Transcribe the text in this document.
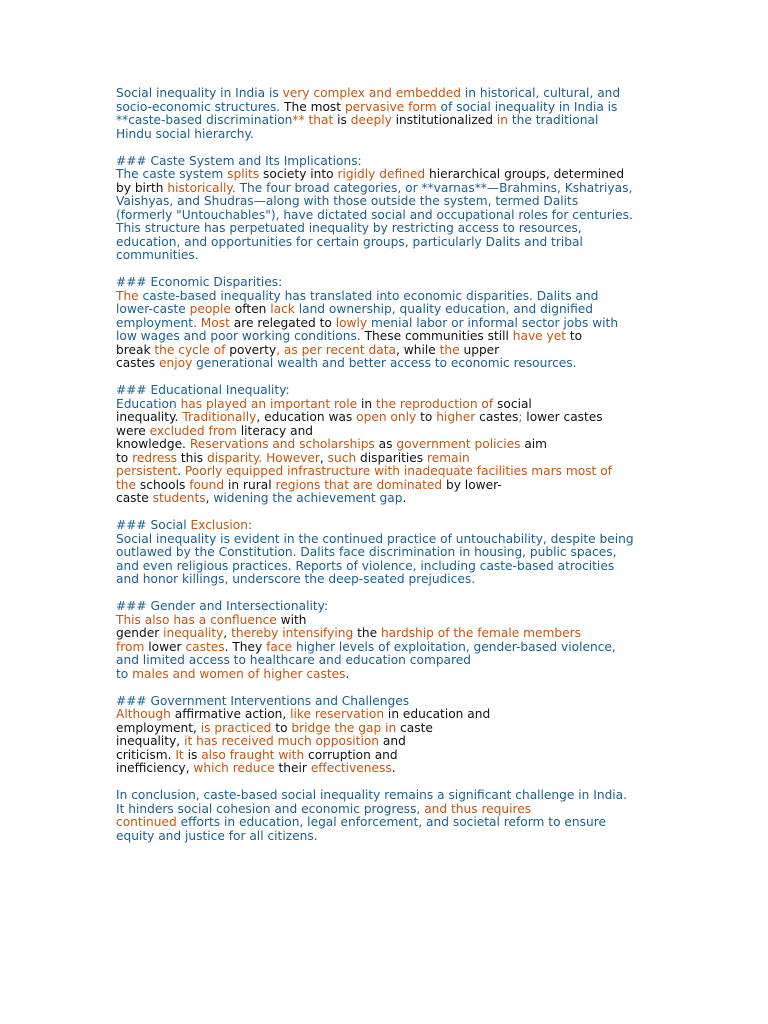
Social inequality in India is very complex and embedded in historical, cultural, and
socio-economic structures. The most pervasive form of social inequality in India is
**caste-based discrimination** that is deeply institutionalized in the traditional
Hindu social hierarchy.
### Caste System and Its Implications:
The caste system splits society into rigidly defined hierarchical groups, determined
by birth historically. The four broad categories, or **varnas**—Brahmins, Kshatriyas,
Vaishyas, and Shudras—along with those outside the system, termed Dalits
(formerly "Untouchables"), have dictated social and occupational roles for centuries.
This structure has perpetuated inequality by restricting access to resources,
education, and opportunities for certain groups, particularly Dalits and tribal
communities.
### Economic Disparities:
The caste-based inequality has translated into economic disparities. Dalits and
lower-caste people often lack land ownership, quality education, and dignified
employment. Most are relegated to lowly menial labor or informal sector jobs with
low wages and poor working conditions. These communities still have yet to
break the cycle of poverty, as per recent data, while the upper
castes enjoy generational wealth and better access to economic resources.
### Educational Inequality:
Education has played an important role in the reproduction of social
inequality. Traditionally, education was open only to higher castes; lower castes
were excluded from literacy and
knowledge. Reservations and scholarships as government policies aim
to redress this disparity. However, such disparities remain
persistent. Poorly equipped infrastructure with inadequate facilities mars most of
the schools found in rural regions that are dominated by lower-
caste students, widening the achievement gap.
### Social Exclusion:
Social inequality is evident in the continued practice of untouchability, despite being
outlawed by the Constitution. Dalits face discrimination in housing, public spaces,
and even religious practices. Reports of violence, including caste-based atrocities
and honor killings, underscore the deep-seated prejudices.
### Gender and Intersectionality:
This also has a confluence with
gender inequality, thereby intensifying the hardship of the female members
from lower castes. They face higher levels of exploitation, gender-based violence,
and limited access to healthcare and education compared
to males and women of higher castes.
### Government Interventions and Challenges
Although affirmative action, like reservation in education and
employment, is practiced to bridge the gap in caste
inequality, it has received much opposition and
criticism. It is also fraught with corruption and
inefficiency, which reduce their effectiveness.
In conclusion, caste-based social inequality remains a significant challenge in India.
It hinders social cohesion and economic progress, and thus requires
continued efforts in education, legal enforcement, and societal reform to ensure
equity and justice for all citizens.
